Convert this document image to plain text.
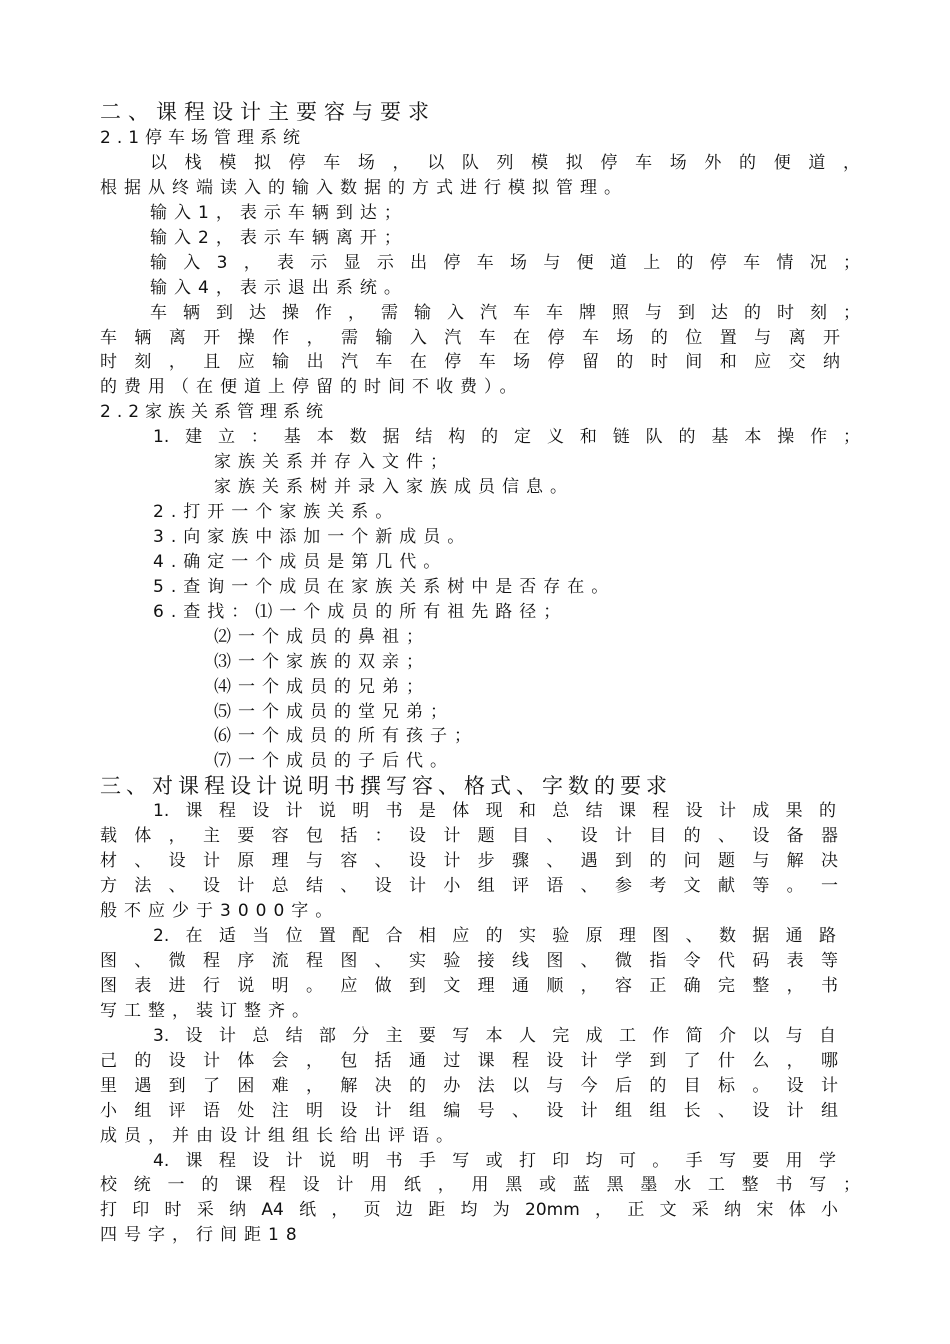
二、课程设计主要容与要求
2.1停车场管理系统
以栈模拟停车场，以队列模拟停车场外的便道，
根据从终端读入的输入数据的方式进行模拟管理。
输入1，表示车辆到达；
输入2，表示车辆离开；
输入3，表示显示出停车场与便道上的停车情况；
输入4，表示退出系统。
车辆到达操作，需输入汽车车牌照与到达的时刻；
车辆离开操作，需输入汽车在停车场的位置与离开
时刻，且应输出汽车在停车场停留的时间和应交纳
的费用（在便道上停留的时间不收费）。
2.2家族关系管理系统
1.建立：基本数据结构的定义和链队的基本操作；
家族关系并存入文件；
家族关系树并录入家族成员信息。
2.打开一个家族关系。
3.向家族中添加一个新成员。
4.确定一个成员是第几代。
5.查询一个成员在家族关系树中是否存在。
6.查找：⑴一个成员的所有祖先路径；
⑵一个成员的鼻祖；
⑶一个家族的双亲；
⑷一个成员的兄弟；
⑸一个成员的堂兄弟；
⑹一个成员的所有孩子；
⑺一个成员的子后代。
三、对课程设计说明书撰写容、格式、字数的要求
1.课程设计说明书是体现和总结课程设计成果的
载体，主要容包括：设计题目、设计目的、设备器
材、设计原理与容、设计步骤、遇到的问题与解决
方法、设计总结、设计小组评语、参考文献等。一
般不应少于3000字。
2.在适当位置配合相应的实验原理图、数据通路
图、微程序流程图、实验接线图、微指令代码表等
图表进行说明。应做到文理通顺，容正确完整，书
写工整，装订整齐。
3.设计总结部分主要写本人完成工作简介以与自
己的设计体会，包括通过课程设计学到了什么，哪
里遇到了困难，解决的办法以与今后的目标。设计
小组评语处注明设计组编号、设计组组长、设计组
成员，并由设计组组长给出评语。
4.课程设计说明书手写或打印均可。手写要用学
校统一的课程设计用纸，用黑或蓝黑墨水工整书写；
打印时采纳A4纸，页边距均为20mm，正文采纳宋体小
四号字，行间距18
